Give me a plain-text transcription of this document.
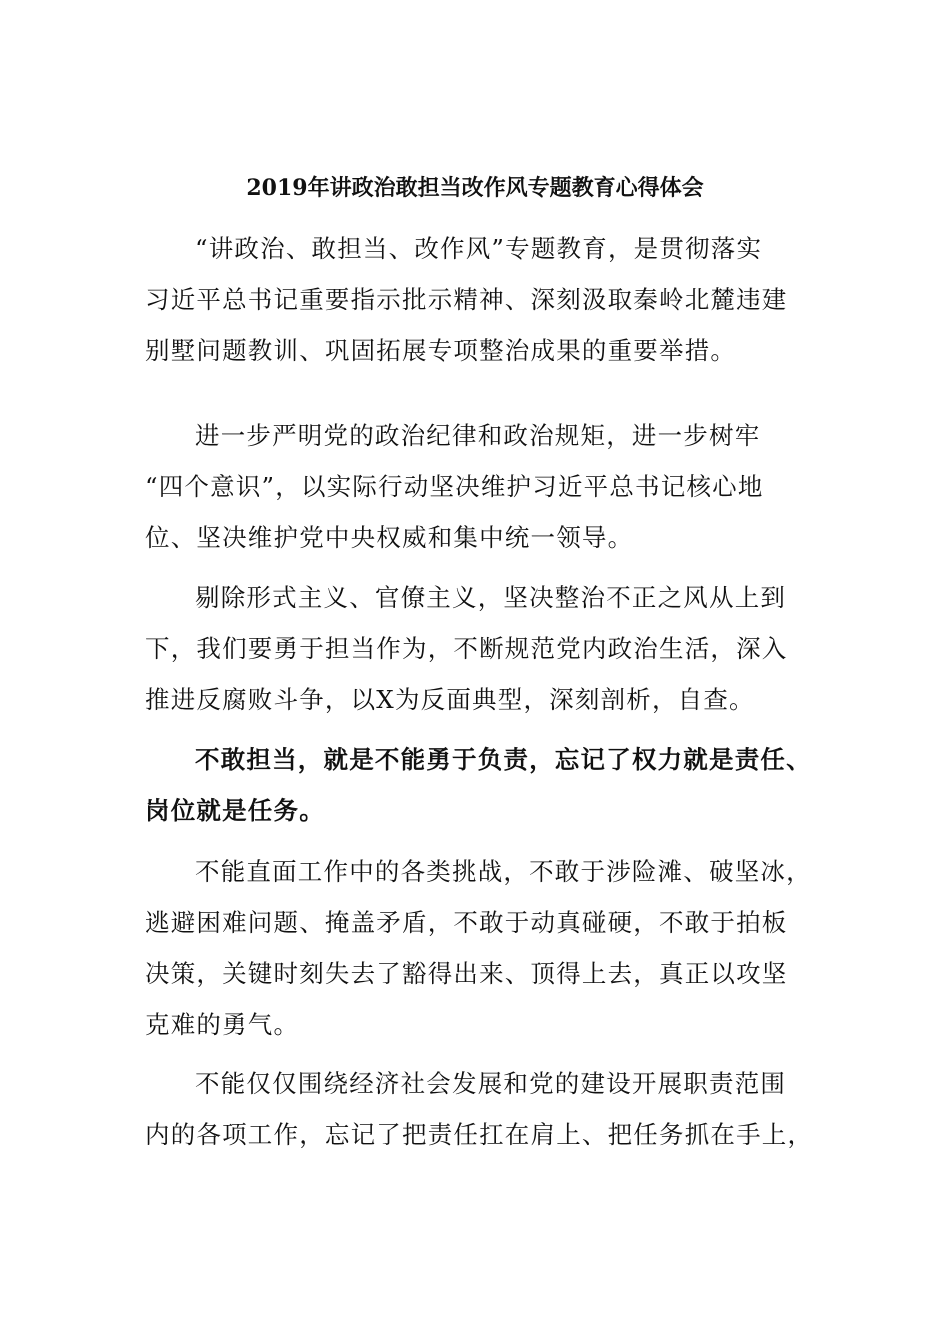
2019年讲政治敢担当改作风专题教育心得体会

“讲政治、敢担当、改作风”专题教育，是贯彻落实
习近平总书记重要指示批示精神、深刻汲取秦岭北麓违建
别墅问题教训、巩固拓展专项整治成果的重要举措。

进一步严明党的政治纪律和政治规矩，进一步树牢
“四个意识”，以实际行动坚决维护习近平总书记核心地
位、坚决维护党中央权威和集中统一领导。

剔除形式主义、官僚主义，坚决整治不正之风从上到
下，我们要勇于担当作为，不断规范党内政治生活，深入
推进反腐败斗争，以X为反面典型，深刻剖析，自查。

不敢担当，就是不能勇于负责，忘记了权力就是责任、
岗位就是任务。

不能直面工作中的各类挑战，不敢于涉险滩、破坚冰，
逃避困难问题、掩盖矛盾，不敢于动真碰硬，不敢于拍板
决策，关键时刻失去了豁得出来、顶得上去，真正以攻坚
克难的勇气。

不能仅仅围绕经济社会发展和党的建设开展职责范围
内的各项工作，忘记了把责任扛在肩上、把任务抓在手上，
